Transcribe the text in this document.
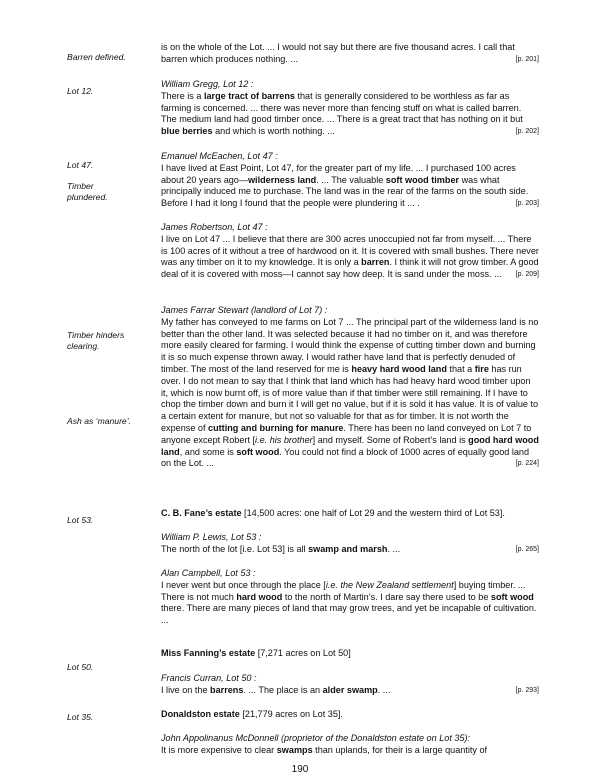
Barren defined.
Lot 12.
Lot 47.
Timber plundered.
Timber hinders clearing.
Ash as ‘manure’.
Lot 53.
Lot 50.
Lot 35.

is on the whole of the Lot. ... I would not say but there are five thousand acres. I call that barren which produces nothing. ...	[p. 201]

William Gregg, Lot 12 :

There is a large tract of barrens that is generally considered to be worthless as far as farming is concerned. ... there was never more than fencing stuff on what is called barren. The medium land had good timber once. ... There is a great tract that has nothing on it but blue berries and which is worth nothing. ...	[p. 202]

Emanuel McEachen, Lot 47 :

I have lived at East Point, Lot 47, for the greater part of my life. ... I purchased 100 acres about 20 years ago—wilderness land. ... The valuable soft wood timber was what principally induced me to purchase. The land was in the rear of the farms on the south side. Before I had it long I found that the people were plundering it ... .	[p. 203]

James Robertson, Lot 47 :

I live on Lot 47 ... I believe that there are 300 acres unoccupied not far from myself. ... There is 100 acres of it without a tree of hardwood on it. It is covered with small bushes. There never was any timber on it to my knowledge. It is only a barren. I think it will not grow timber. A good deal of it is covered with moss—I cannot say how deep. It is sand under the moss. ... [p. 209]

James Farrar Stewart (landlord of Lot 7) :

My father has conveyed to me farms on Lot 7 ... The principal part of the wilderness land is no better than the other land. It was selected because it had no timber on it, and was therefore more easily cleared for farming. I would think the expense of cutting timber down and burning it is so much expense thrown away. I would rather have land that is perfectly denuded of timber. The most of the land reserved for me is heavy hard wood land that a fire has run over. I do not mean to say that I think that land which has had heavy hard wood timber upon it, which is now burnt off, is of more value than if that timber were still remaining. If I have to chop the timber down and burn it I will get no value, but if it is sold it has value. It is of value to a certain extent for manure, but not so valuable for that as for timber. It is not worth the expense of cutting and burning for manure. There has been no land conveyed on Lot 7 to anyone except Robert [i.e. his brother] and myself. Some of Robert’s land is good hard wood land, and some is soft wood. You could not find a block of 1000 acres of equally good land on the Lot. ...	[p. 224]

C. B. Fane’s estate [14,500 acres: one half of Lot 29 and the western third of Lot 53].

William P. Lewis, Lot 53 :

The north of the lot [i.e. Lot 53] is all swamp and marsh. ...	[p. 265]

Alan Campbell, Lot 53 :

I never went but once through the place [i.e. the New Zealand settlement] buying timber. ... There is not much hard wood to the north of Martin’s. I dare say there used to be soft wood there. There are many pieces of land that may grow trees, and yet be incapable of cultivation. ...

Miss Fanning’s estate [7,271 acres on Lot 50]

Francis Curran, Lot 50 :

I live on the barrens. ... The place is an alder swamp. ...	[p. 293]

Donaldston estate [21,779 acres on Lot 35].

John Appolinanus McDonnell (proprietor of the Donaldston estate on Lot 35):

It is more expensive to clear swamps than uplands, for their is a large quantity of

190
